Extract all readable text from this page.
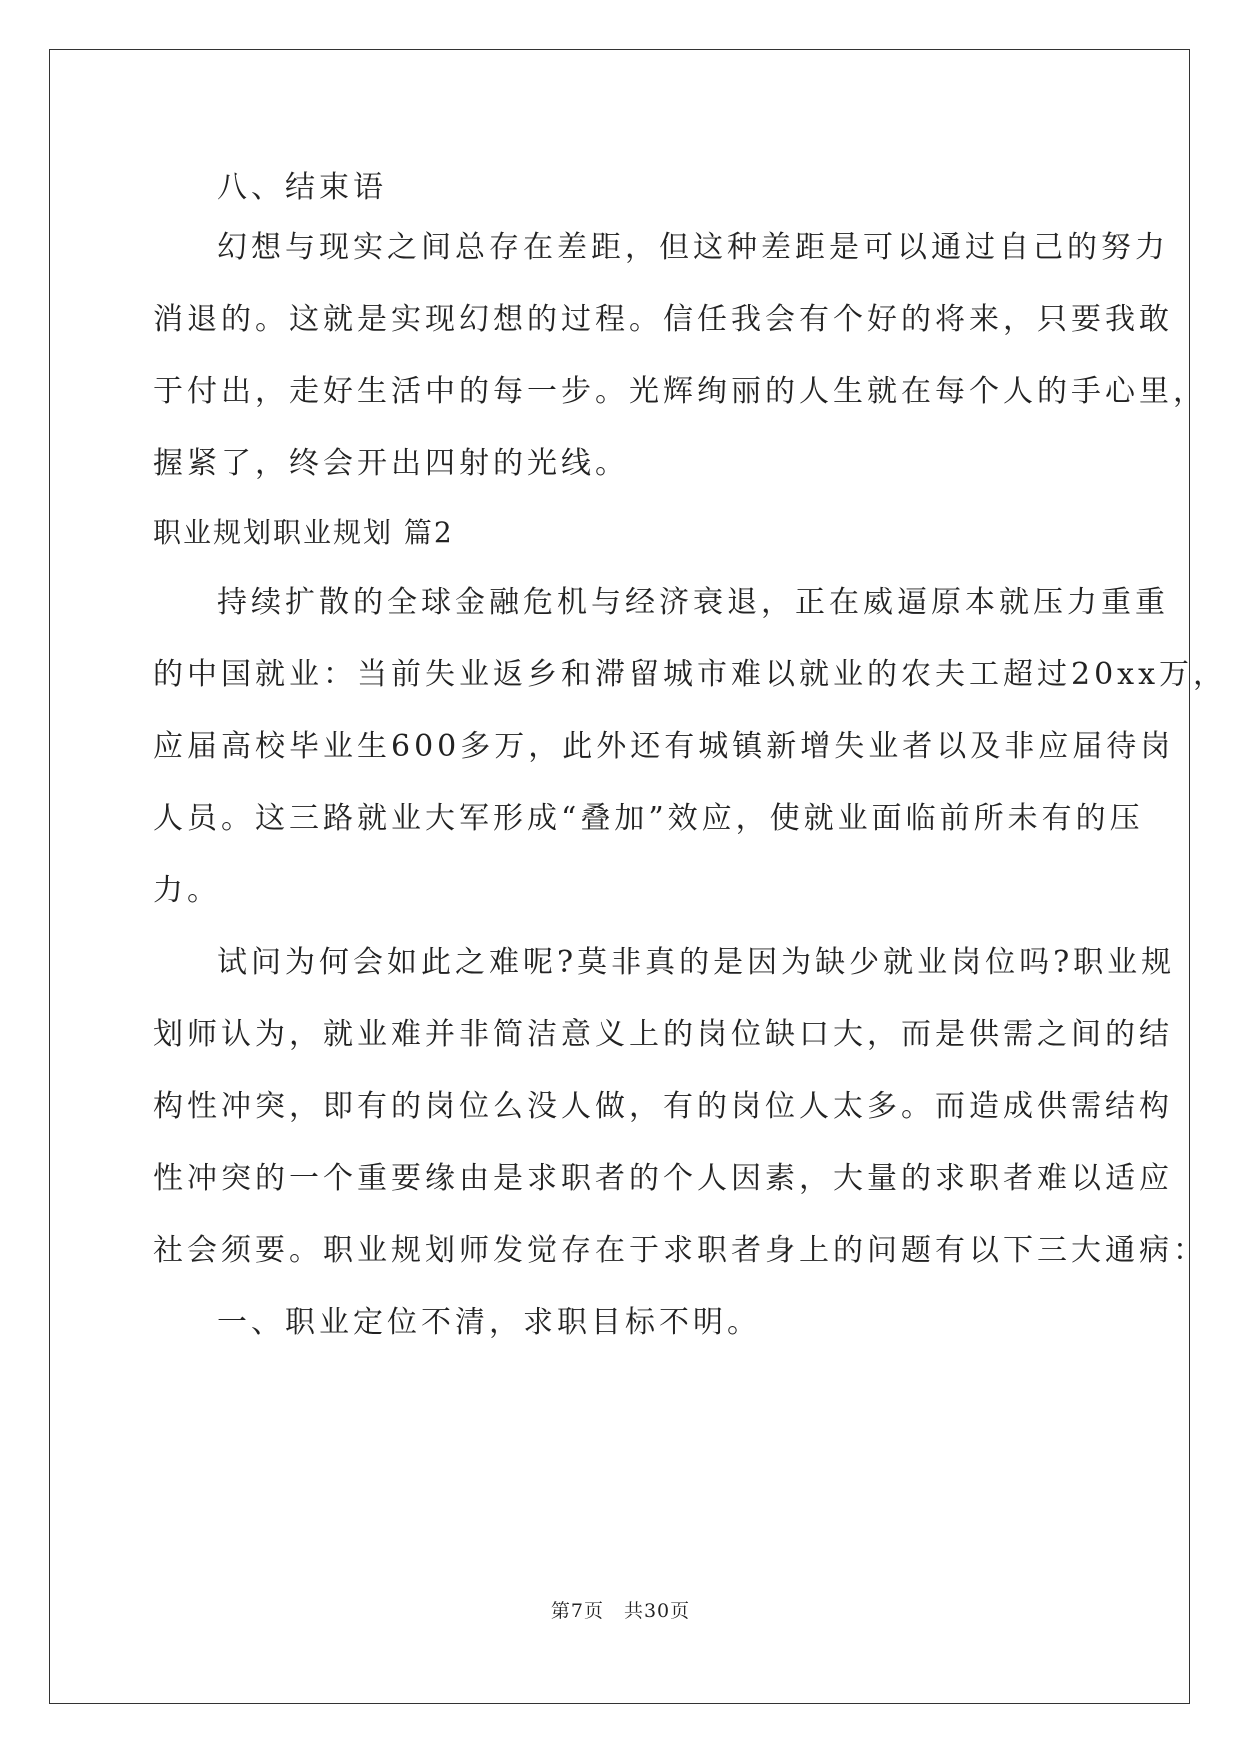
八、结束语
幻想与现实之间总存在差距，但这种差距是可以通过自己的努力
消退的。这就是实现幻想的过程。信任我会有个好的将来，只要我敢
于付出，走好生活中的每一步。光辉绚丽的人生就在每个人的手心里，
握紧了，终会开出四射的光线。
职业规划职业规划 篇2
持续扩散的全球金融危机与经济衰退，正在威逼原本就压力重重
的中国就业：当前失业返乡和滞留城市难以就业的农夫工超过20xx万，
应届高校毕业生600多万，此外还有城镇新增失业者以及非应届待岗
人员。这三路就业大军形成“叠加”效应，使就业面临前所未有的压
力。
试问为何会如此之难呢?莫非真的是因为缺少就业岗位吗?职业规
划师认为，就业难并非简洁意义上的岗位缺口大，而是供需之间的结
构性冲突，即有的岗位么没人做，有的岗位人太多。而造成供需结构
性冲突的一个重要缘由是求职者的个人因素，大量的求职者难以适应
社会须要。职业规划师发觉存在于求职者身上的问题有以下三大通病：
一、职业定位不清，求职目标不明。
第7页　共30页
